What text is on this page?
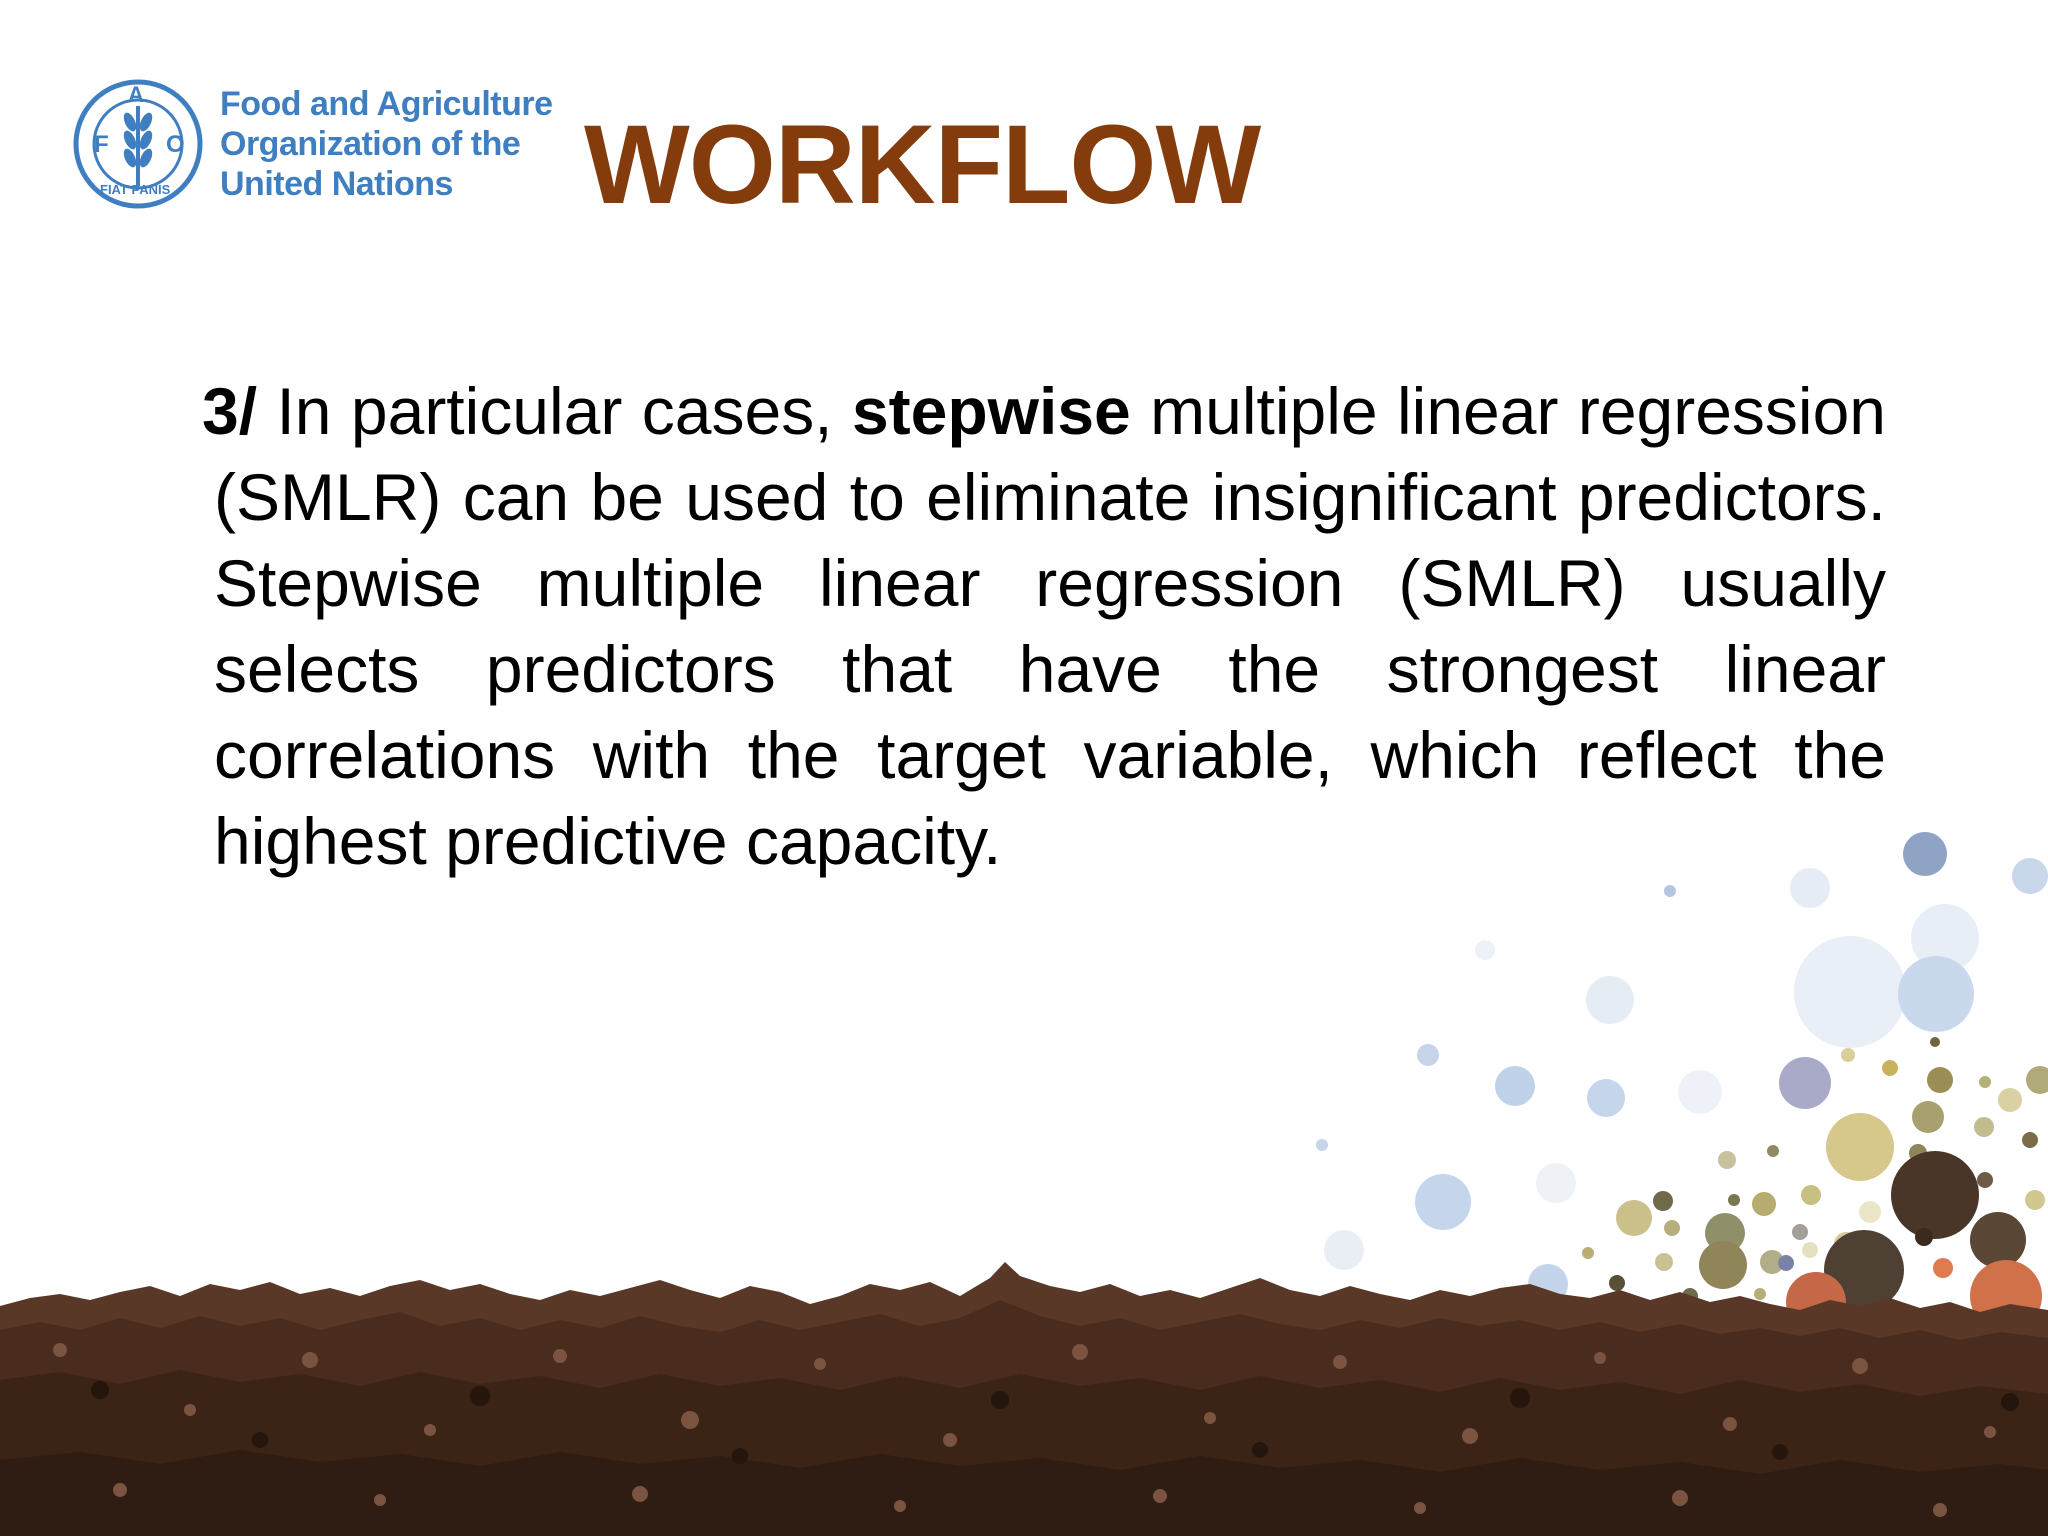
F
A
O
FIAT PANIS
Food and Agriculture
Organization of the
United Nations	WORKFLOW

3/ In particular cases, stepwise multiple linear regression (SMLR) can be used to eliminate insignificant predictors. Stepwise multiple linear regression (SMLR) usually selects predictors that have the strongest linear correlations with the target variable, which reflect the highest predictive capacity.
